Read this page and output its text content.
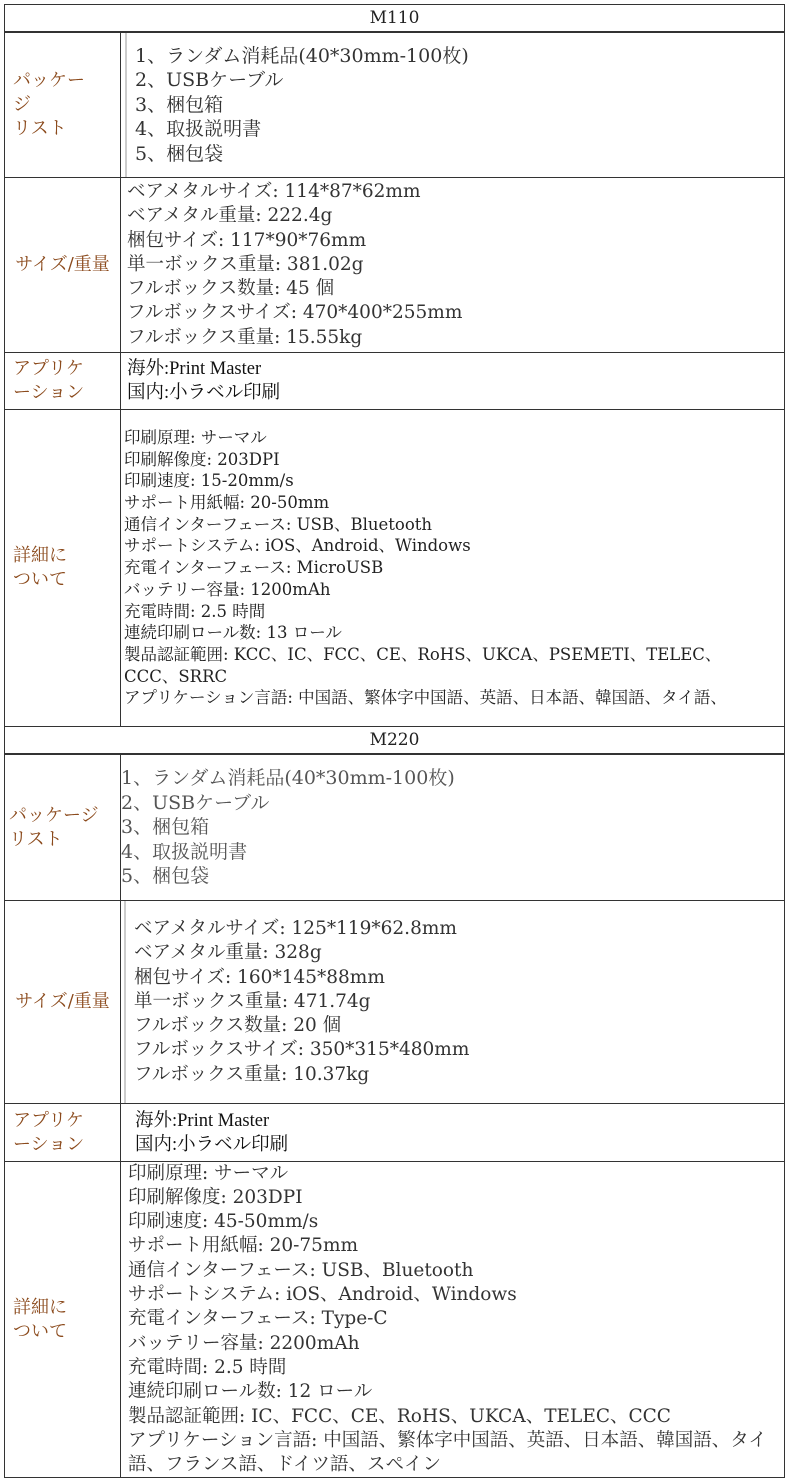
M110
パッケー
ジ
リスト
1、ランダム消耗品(40*30mm-100枚)
2、USBケーブル
3、梱包箱
4、取扱説明書
5、梱包袋
サイズ/重量
ベアメタルサイズ: 114*87*62mm
ベアメタル重量: 222.4g
梱包サイズ: 117*90*76mm
単一ボックス重量: 381.02g
フルボックス数量: 45 個
フルボックスサイズ: 470*400*255mm
フルボックス重量: 15.55kg
アプリケ
ーション
海外:Print Master
国内:小ラベル印刷
詳細に
ついて
印刷原理: サーマル
印刷解像度: 203DPI
印刷速度: 15-20mm/s
サポート用紙幅: 20-50mm
通信インターフェース: USB、Bluetooth
サポートシステム: iOS、Android、Windows
充電インターフェース: MicroUSB
バッテリー容量: 1200mAh
充電時間: 2.5 時間
連続印刷ロール数: 13 ロール
製品認証範囲: KCC、IC、FCC、CE、RoHS、UKCA、PSEMETI、TELEC、CCC、SRRC
アプリケーション言語: 中国語、繁体字中国語、英語、日本語、韓国語、タイ語、
M220
パッケージ
リスト
1、ランダム消耗品(40*30mm-100枚)
2、USBケーブル
3、梱包箱
4、取扱説明書
5、梱包袋
サイズ/重量
ベアメタルサイズ: 125*119*62.8mm
ベアメタル重量: 328g
梱包サイズ: 160*145*88mm
単一ボックス重量: 471.74g
フルボックス数量: 20 個
フルボックスサイズ: 350*315*480mm
フルボックス重量: 10.37kg
アプリケ
ーション
海外:Print Master
国内:小ラベル印刷
詳細に
ついて
印刷原理: サーマル
印刷解像度: 203DPI
印刷速度: 45-50mm/s
サポート用紙幅: 20-75mm
通信インターフェース: USB、Bluetooth
サポートシステム: iOS、Android、Windows
充電インターフェース: Type-C
バッテリー容量: 2200mAh
充電時間: 2.5 時間
連続印刷ロール数: 12 ロール
製品認証範囲: IC、FCC、CE、RoHS、UKCA、TELEC、CCC
アプリケーション言語: 中国語、繁体字中国語、英語、日本語、韓国語、タイ語、フランス語、ドイツ語、スペイン
